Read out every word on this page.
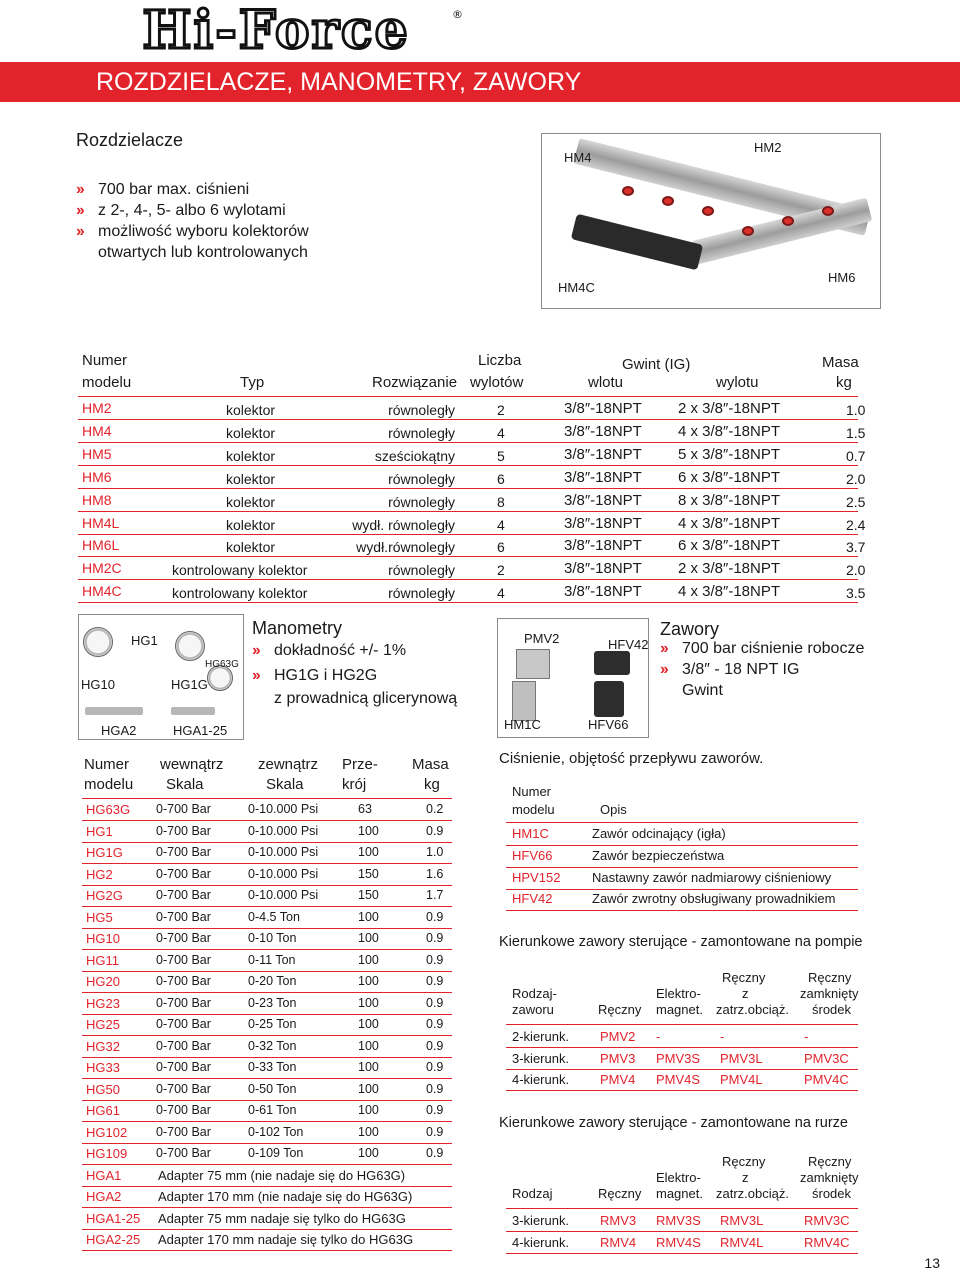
Hi-Force	®
ROZDZIELACZE, MANOMETRY, ZAWORY
Rozdzielacze
›› 700 bar max. ciśnieni
›› z 2-, 4-, 5- albo 6 wylotami
›› możliwość wyboru kolektorów
otwartych lub kontrolowanych
HM4
HM2
HM4C
HM6
Numer
modelu	Typ	Rozwiązanie
Liczba
wylotów
Gwint (IG)
wlotu	wylotu
Masa
kg
HM2	kolektor	równoległy	2	3/8″-18NPT 2 x 3/8″-18NPT	1.0
HM4	kolektor	równoległy	4	3/8″-18NPT 4 x 3/8″-18NPT	1.5
HM5	kolektor	sześciokątny	5	3/8″-18NPT 5 x 3/8″-18NPT	0.7
HM6	kolektor	równoległy	6	3/8″-18NPT 6 x 3/8″-18NPT	2.0
HM8	kolektor	równoległy	8	3/8″-18NPT 8 x 3/8″-18NPT	2.5
HM4L	kolektor	wydł. równoległy	4	3/8″-18NPT 4 x 3/8″-18NPT	2.4
HM6L	kolektor	wydł.równoległy	6	3/8″-18NPT 6 x 3/8″-18NPT	3.7
HM2C	kontrolowany kolektor	równoległy	2	3/8″-18NPT 2 x 3/8″-18NPT	2.0
HM4C	kontrolowany kolektor	równoległy	4	3/8″-18NPT 4 x 3/8″-18NPT	3.5
HG1
HG63G
HG10	HG1G
HGA2	HGA1-25
Manometry
›› dokładność +/- 1%
›› HG1G i HG2G
z prowadnicą glicerynową
Numer
modelu
wewnątrz
Skala
zewnątrz
Skala
Prze-
krój
Masa
kg
HG63G 0-700 Bar	0-10.000 Psi	63	0.2
HG1	0-700 Bar	0-10.000 Psi	100	0.9
HG1G	0-700 Bar	0-10.000 Psi	100	1.0
HG2	0-700 Bar	0-10.000 Psi	150	1.6
HG2G	0-700 Bar	0-10.000 Psi	150	1.7
HG5	0-700 Bar	0-4.5 Ton	100	0.9
HG10	0-700 Bar	0-10 Ton	100	0.9
HG11	0-700 Bar	0-11 Ton	100	0.9
HG20	0-700 Bar	0-20 Ton	100	0.9
HG23	0-700 Bar	0-23 Ton	100	0.9
HG25	0-700 Bar	0-25 Ton	100	0.9
HG32	0-700 Bar	0-32 Ton	100	0.9
HG33	0-700 Bar	0-33 Ton	100	0.9
HG50	0-700 Bar	0-50 Ton	100	0.9
HG61	0-700 Bar	0-61 Ton	100	0.9
HG102 0-700 Bar	0-102 Ton	100	0.9
HG109 0-700 Bar	0-109 Ton	100	0.9
HGA1	Adapter 75 mm (nie nadaje się do HG63G)
HGA2	Adapter 170 mm (nie nadaje się do HG63G)
HGA1-25 Adapter 75 mm nadaje się tylko do HG63G
HGA2-25 Adapter 170 mm nadaje się tylko do HG63G
PMV2	HFV42
HM1C	HFV66
Zawory
›› 700 bar ciśnienie robocze
›› 3/8″ - 18 NPT IG
Gwint
Ciśnienie, objętość przepływu zaworów.
Numer
modelu	Opis
HM1C	Zawór odcinający (igła)
HFV66	Zawór bezpieczeństwa
HPV152 Nastawny zawór nadmiarowy ciśnieniowy
HFV42	Zawór zwrotny obsługiwany prowadnikiem
Kierunkowe zawory sterujące - zamontowane na pompie
Rodzaj-
zaworu	Ręczny
Elektro-
magnet.
Ręczny
z
zatrz.obciąż.
Ręczny
zamknięty
środek
2-kierunk. PMV2 -	-	-
3-kierunk. PMV3 PMV3S PMV3L	PMV3C
4-kierunk. PMV4 PMV4S PMV4L	PMV4C
Kierunkowe zawory sterujące - zamontowane na rurze
Rodzaj	Ręczny
Elektro-
magnet.
Ręczny
z
zatrz.obciąż.
Ręczny
zamknięty
środek
3-kierunk. RMV3 RMV3S RMV3L	RMV3C
4-kierunk. RMV4 RMV4S RMV4L	RMV4C
13
